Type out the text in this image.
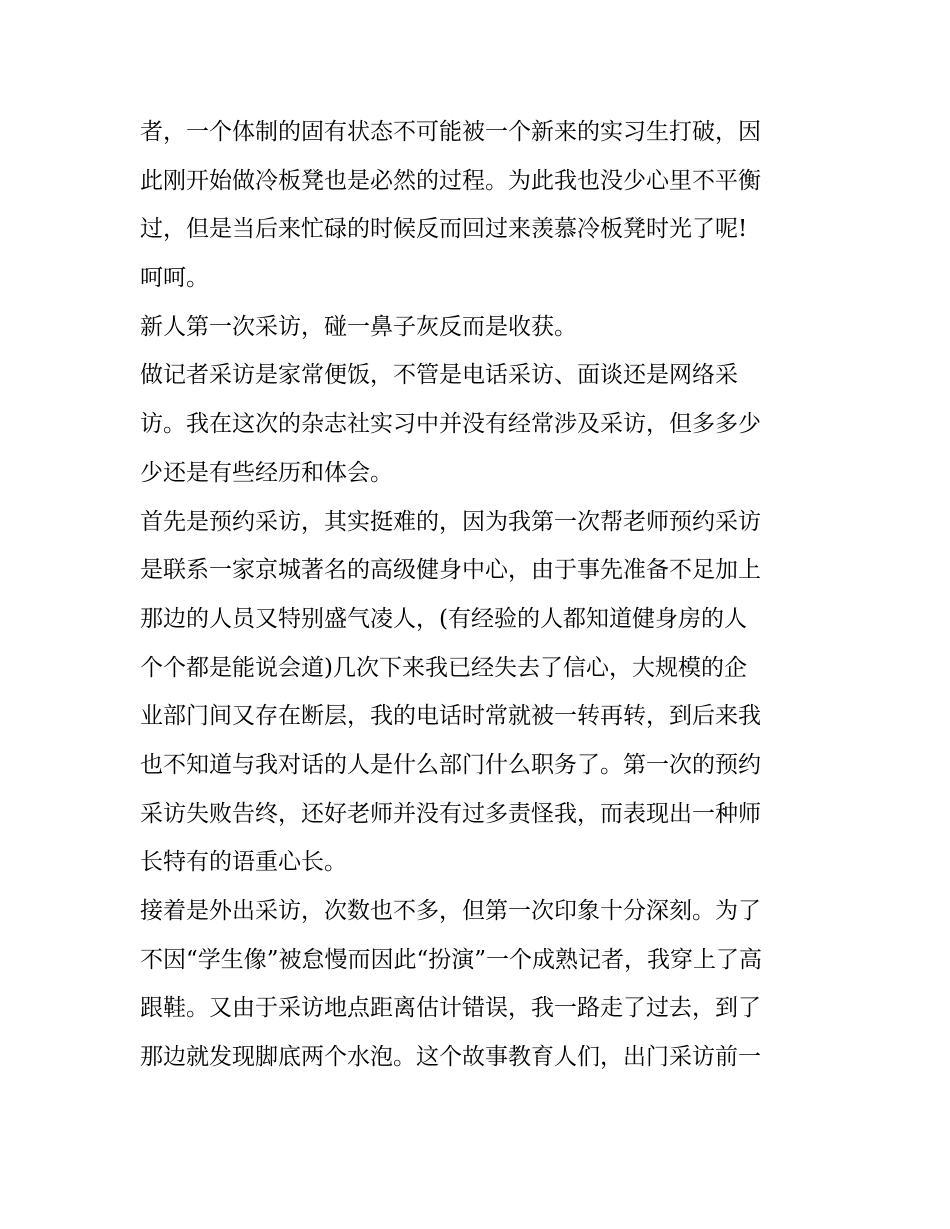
者，一个体制的固有状态不可能被一个新来的实习生打破，因
此刚开始做冷板凳也是必然的过程。为此我也没少心里不平衡
过，但是当后来忙碌的时候反而回过来羡慕冷板凳时光了呢!
呵呵。
新人第一次采访，碰一鼻子灰反而是收获。
做记者采访是家常便饭，不管是电话采访、面谈还是网络采
访。我在这次的杂志社实习中并没有经常涉及采访，但多多少
少还是有些经历和体会。
首先是预约采访，其实挺难的，因为我第一次帮老师预约采访
是联系一家京城著名的高级健身中心，由于事先准备不足加上
那边的人员又特别盛气凌人，(有经验的人都知道健身房的人
个个都是能说会道)几次下来我已经失去了信心，大规模的企
业部门间又存在断层，我的电话时常就被一转再转，到后来我
也不知道与我对话的人是什么部门什么职务了。第一次的预约
采访失败告终，还好老师并没有过多责怪我，而表现出一种师
长特有的语重心长。
接着是外出采访，次数也不多，但第一次印象十分深刻。为了
不因“学生像”被怠慢而因此“扮演”一个成熟记者，我穿上了高
跟鞋。又由于采访地点距离估计错误，我一路走了过去，到了
那边就发现脚底两个水泡。这个故事教育人们，出门采访前一
